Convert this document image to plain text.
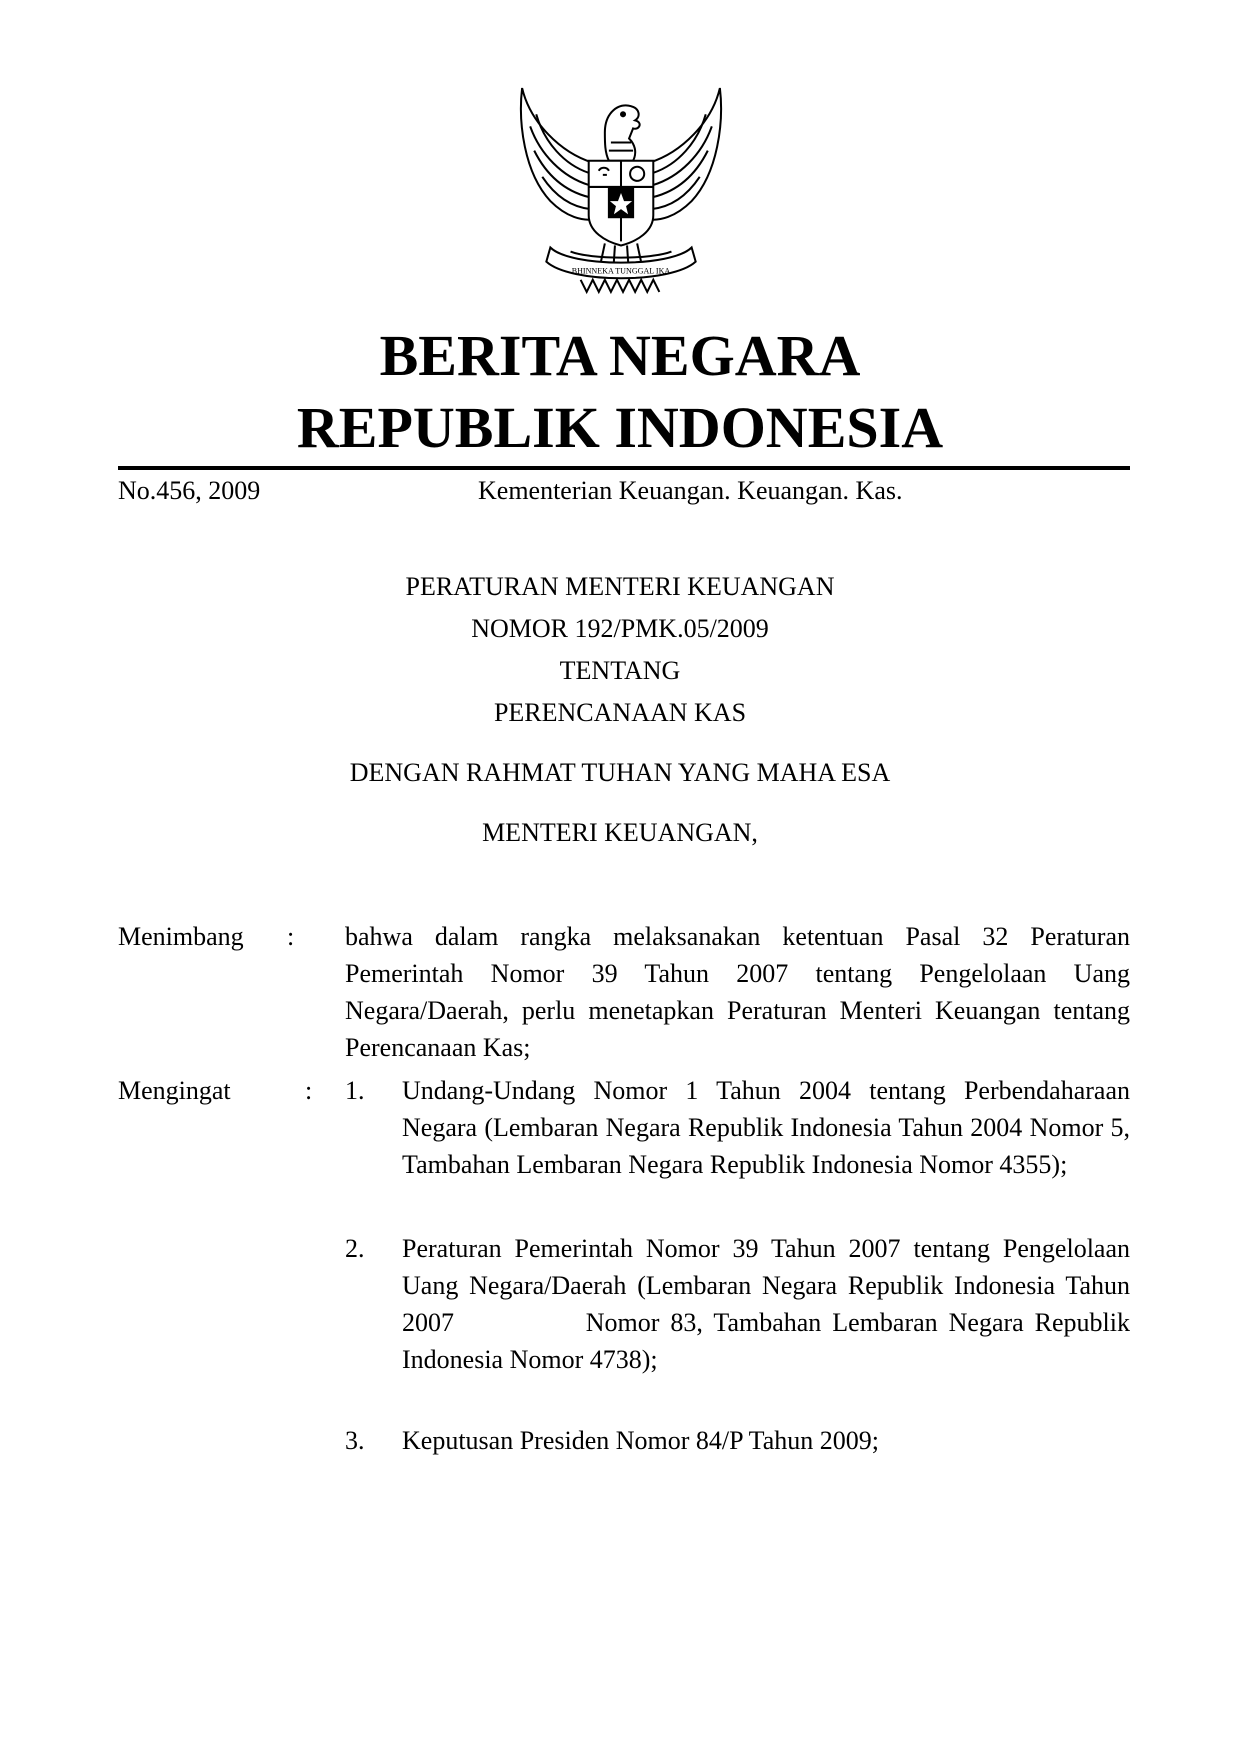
BHINNEKA TUNGGAL IKA
BERITA NEGARA
REPUBLIK INDONESIA
No.456, 2009	Kementerian Keuangan. Keuangan. Kas.
PERATURAN MENTERI KEUANGAN
NOMOR 192/PMK.05/2009
TENTANG
PERENCANAAN KAS
DENGAN RAHMAT TUHAN YANG MAHA ESA
MENTERI KEUANGAN,
Menimbang : bahwa dalam rangka melaksanakan ketentuan Pasal 32 Peraturan Pemerintah Nomor 39 Tahun 2007 tentang Pengelolaan Uang Negara/Daerah, perlu menetapkan Peraturan Menteri Keuangan tentang Perencanaan Kas;
Mengingat	: 1. Undang-Undang Nomor 1 Tahun 2004 tentang Perbendaharaan Negara (Lembaran Negara Republik Indonesia Tahun 2004 Nomor 5, Tambahan Lembaran Negara Republik Indonesia Nomor 4355);
2. Peraturan Pemerintah Nomor 39 Tahun 2007 tentang Pengelolaan Uang Negara/Daerah (Lembaran Negara Republik Indonesia Tahun 2007            Nomor 83, Tambahan Lembaran Negara Republik Indonesia Nomor 4738);
3. Keputusan Presiden Nomor 84/P Tahun 2009;
